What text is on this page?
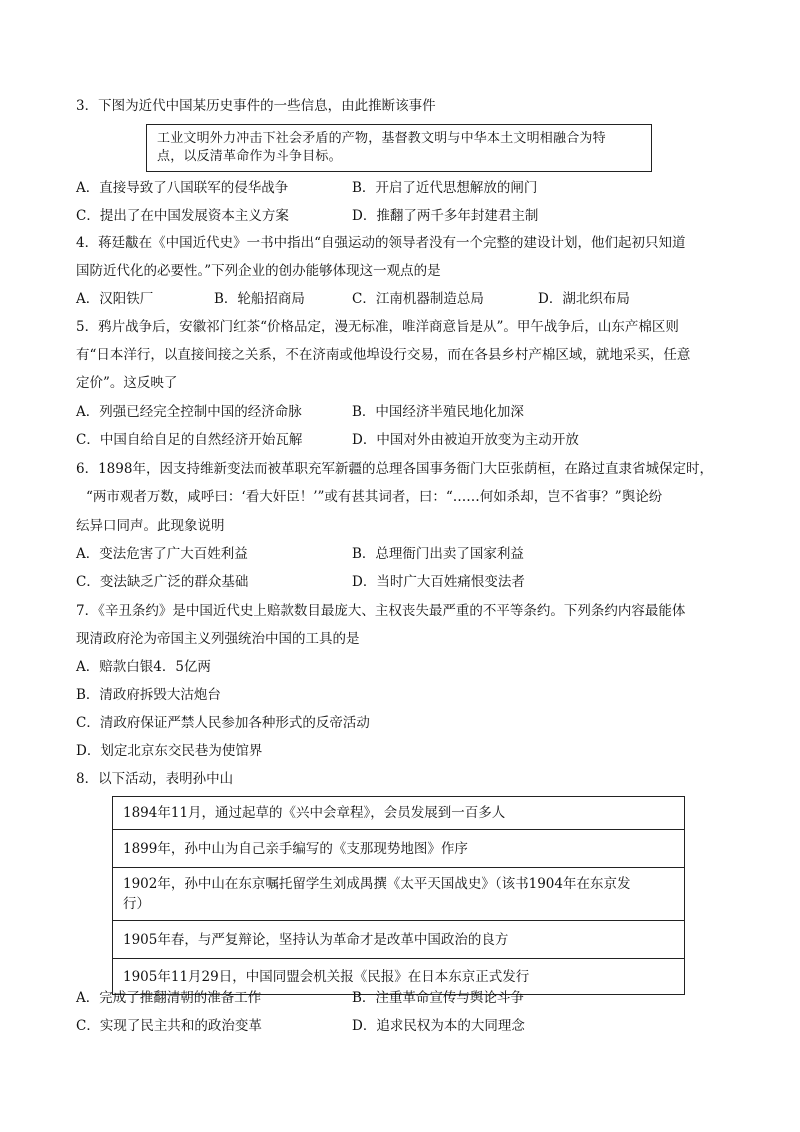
3．下图为近代中国某历史事件的一些信息，由此推断该事件
工业文明外力冲击下社会矛盾的产物，基督教文明与中华本土文明相融合为特
点，以反清革命作为斗争目标。
A．直接导致了八国联军的侵华战争	B．开启了近代思想解放的闸门
C．提出了在中国发展资本主义方案	D．推翻了两千多年封建君主制
4．蒋廷黻在《中国近代史》一书中指出“自强运动的领导者没有一个完整的建设计划，他们起初只知道
国防近代化的必要性。”下列企业的创办能够体现这一观点的是
A．汉阳铁厂	B．轮船招商局	C．江南机器制造总局	D．湖北织布局
5．鸦片战争后，安徽祁门红茶“价格品定，漫无标准，唯洋商意旨是从”。甲午战争后，山东产棉区则
有“日本洋行，以直接间接之关系，不在济南或他埠设行交易，而在各县乡村产棉区域，就地采买，任意
定价”。这反映了
A．列强已经完全控制中国的经济命脉	B．中国经济半殖民地化加深
C．中国自给自足的自然经济开始瓦解	D．中国对外由被迫开放变为主动开放
6．1898年，因支持维新变法而被革职充军新疆的总理各国事务衙门大臣张荫桓，在路过直隶省城保定时，
“两市观者万数，咸呼曰：‘看大奸臣！’”或有甚其词者，曰：“……何如杀却，岂不省事？”舆论纷
纭异口同声。此现象说明
A．变法危害了广大百姓利益	B．总理衙门出卖了国家利益
C．变法缺乏广泛的群众基础	D．当时广大百姓痛恨变法者
7．《辛丑条约》是中国近代史上赔款数目最庞大、主权丧失最严重的不平等条约。下列条约内容最能体
现清政府沦为帝国主义列强统治中国的工具的是
A．赔款白银4．5亿两
B．清政府拆毁大沽炮台
C．清政府保证严禁人民参加各种形式的反帝活动
D．划定北京东交民巷为使馆界
8．以下活动，表明孙中山
1894年11月，通过起草的《兴中会章程》，会员发展到一百多人
1899年，孙中山为自己亲手编写的《支那现势地图》作序
1902年，孙中山在东京嘱托留学生刘成禺撰《太平天国战史》（该书1904年在东京发
行）
1905年春，与严复辩论，坚持认为革命才是改革中国政治的良方
1905年11月29日，中国同盟会机关报《民报》在日本东京正式发行
A．完成了推翻清朝的准备工作	B．注重革命宣传与舆论斗争
C．实现了民主共和的政治变革	D．追求民权为本的大同理念
